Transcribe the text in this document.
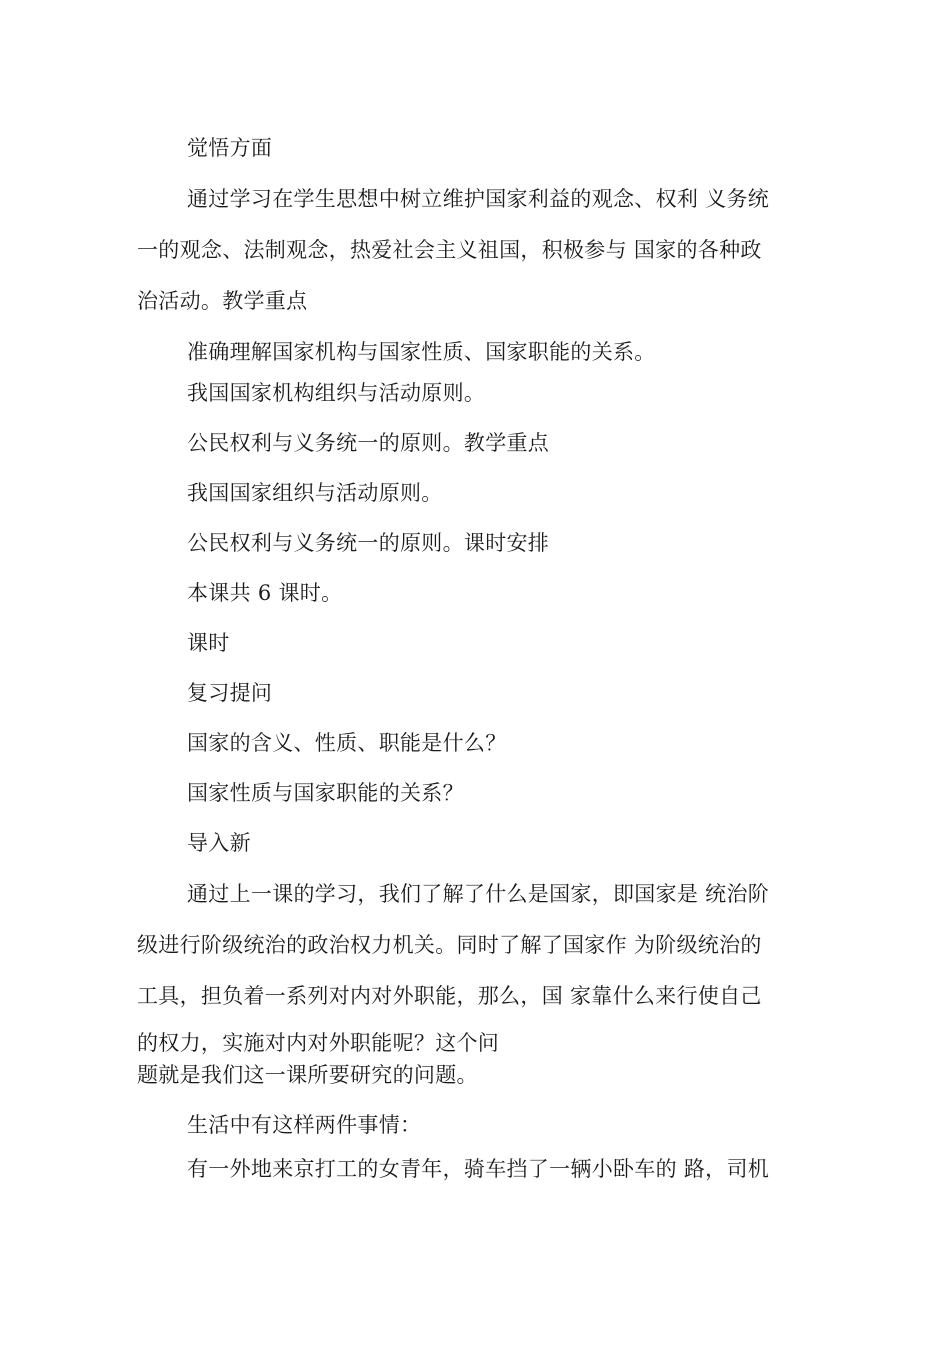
觉悟方面
通过学习在学生思想中树立维护国家利益的观念、权利 义务统
一的观念、法制观念，热爱社会主义祖国，积极参与 国家的各种政
治活动。教学重点
准确理解国家机构与国家性质、国家职能的关系。
我国国家机构组织与活动原则。
公民权利与义务统一的原则。教学重点
我国国家组织与活动原则。
公民权利与义务统一的原则。课时安排
本课共 6 课时。
课时
复习提问
国家的含义、性质、职能是什么？
国家性质与国家职能的关系？
导入新
通过上一课的学习，我们了解了什么是国家，即国家是 统治阶
级进行阶级统治的政治权力机关。同时了解了国家作 为阶级统治的
工具，担负着一系列对内对外职能，那么，国 家靠什么来行使自己
的权力，实施对内对外职能呢？这个问
题就是我们这一课所要研究的问题。
生活中有这样两件事情：
有一外地来京打工的女青年，骑车挡了一辆小卧车的 路，司机
